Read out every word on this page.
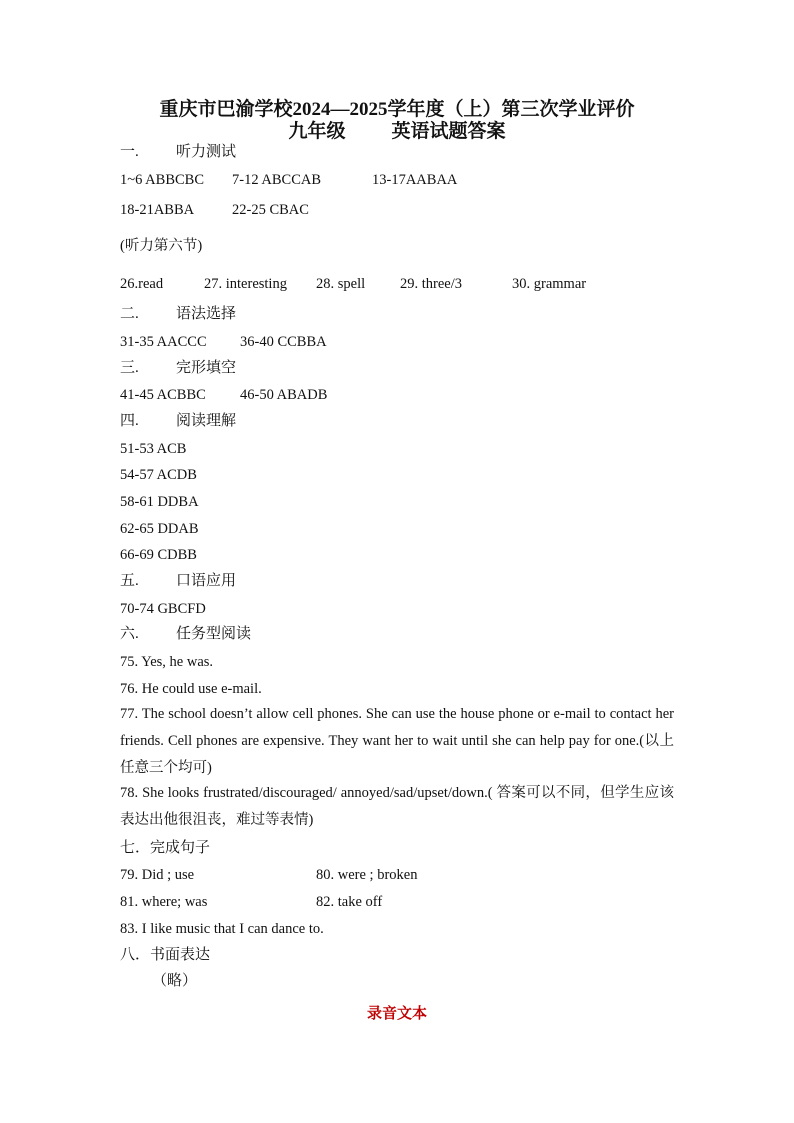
重庆市巴渝学校2024—2025学年度（上）第三次学业评价
九年级 英语试题答案
一. 听力测试
1~6 ABBCBC 7-12 ABCCAB	13-17AABAA
18-21ABBA	22-25 CBAC
(听力第六节)
26.read	27. interesting 28. spell 29. three/3	30. grammar
二. 语法选择
31-35 AACCC 36-40 CCBBA
三. 完形填空
41-45 ACBBC 46-50 ABADB
四. 阅读理解
51-53 ACB
54-57 ACDB
58-61 DDBA
62-65 DDAB
66-69 CDBB
五. 口语应用
70-74 GBCFD
六. 任务型阅读
75. Yes, he was.
76. He could use e-mail.
77. The school doesn’t allow cell phones. She can use the house phone or e-mail to contact her friends. Cell phones are expensive. They want her to wait until she can help pay for one.(以上任意三个均可)
78. She looks frustrated/discouraged/ annoyed/sad/upset/down.( 答案可以不同，但学生应该表达出他很沮丧，难过等表情)
七．完成句子
79. Did ; use	80. were ; broken
81. where; was	82. take off
83. I like music that I can dance to.
八．书面表达
（略）
录音文本
